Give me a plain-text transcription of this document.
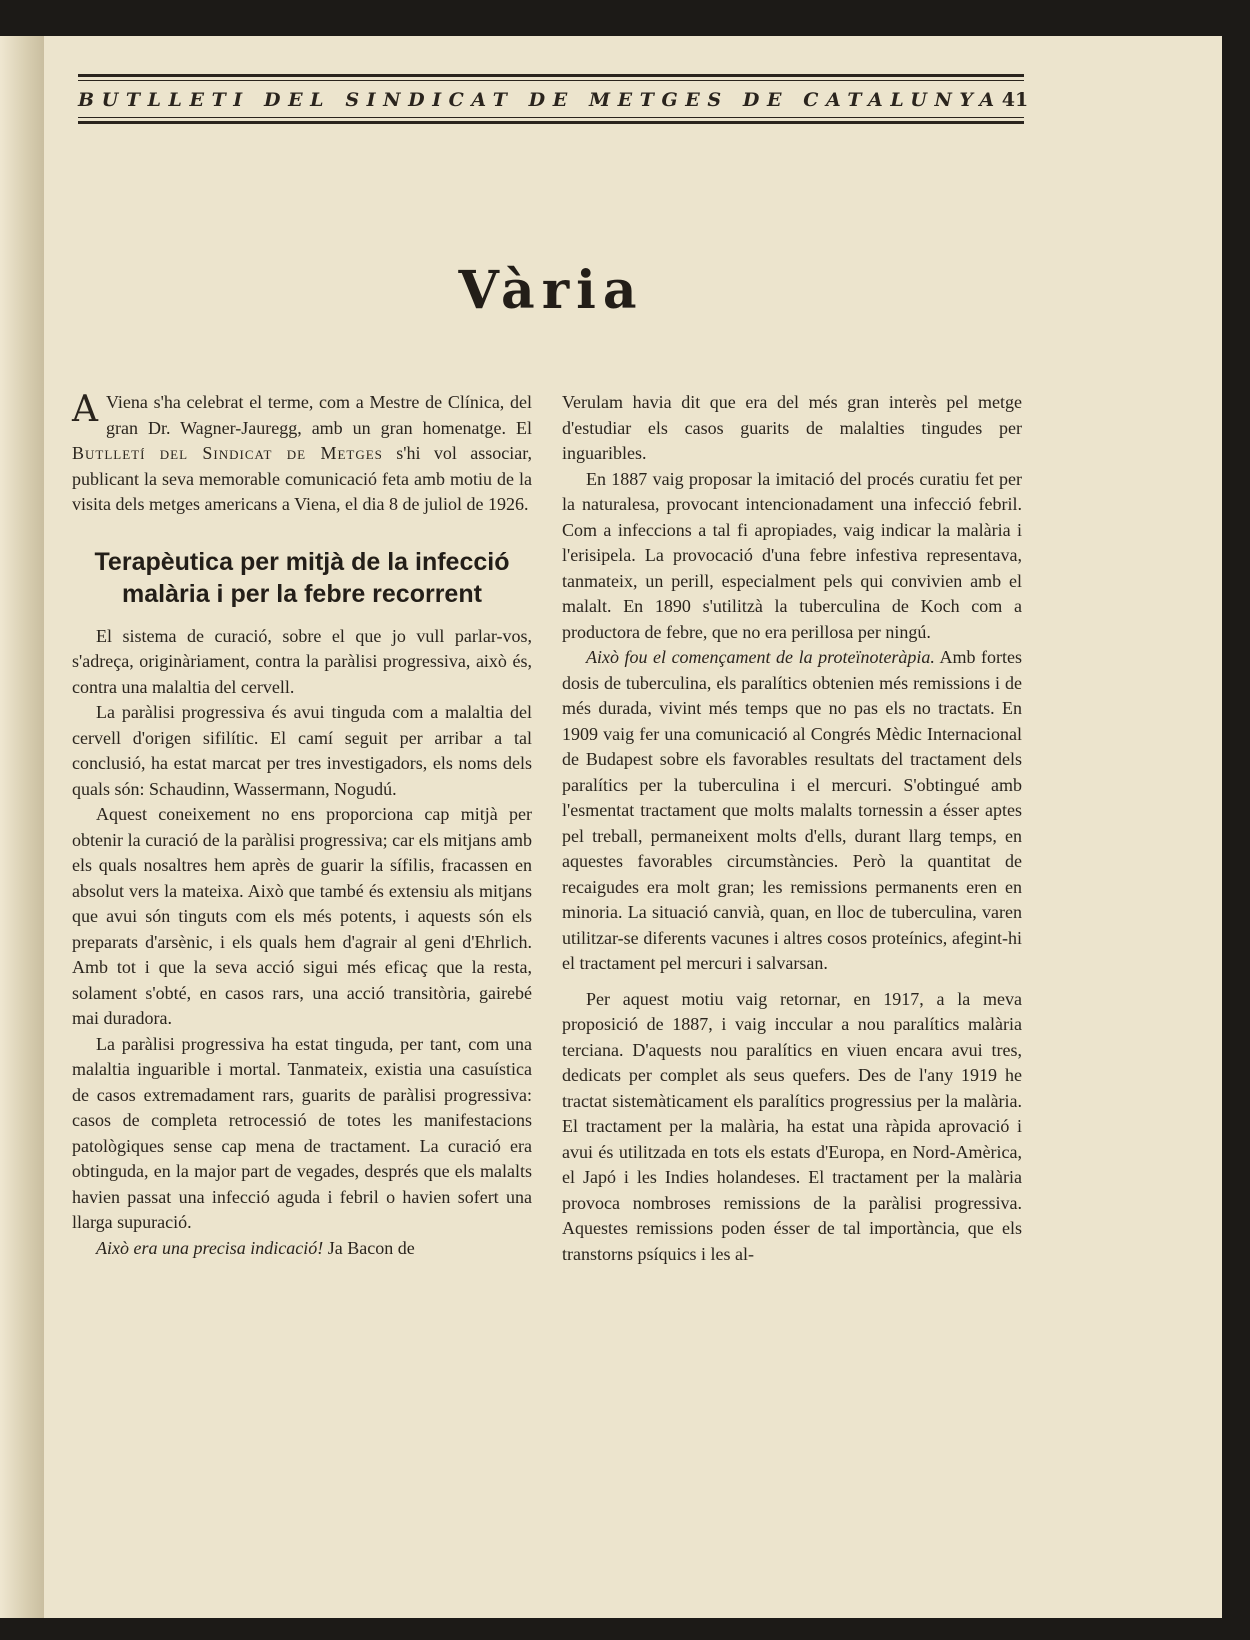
BUTLLETI DEL SINDICAT DE METGES DE CATALUNYA 41
Vària

A Viena s'ha celebrat el terme, com a Mestre de Clínica, del gran Dr. Wagner-Jauregg, amb un gran homenatge. El Butlletí del Sindicat de Metges s'hi vol associar, publicant la seva memorable comunicació feta amb motiu de la visita dels metges americans a Viena, el dia 8 de juliol de 1926.

Terapèutica per mitjà de la infecció malària i per la febre recorrent

El sistema de curació, sobre el que jo vull parlar-vos, s'adreça, originàriament, contra la paràlisi progressiva, això és, contra una malaltia del cervell.

La paràlisi progressiva és avui tinguda com a malaltia del cervell d'origen sifilític. El camí seguit per arribar a tal conclusió, ha estat marcat per tres investigadors, els noms dels quals són: Schaudinn, Wassermann, Nogudú.

Aquest coneixement no ens proporciona cap mitjà per obtenir la curació de la paràlisi progressiva; car els mitjans amb els quals nosaltres hem après de guarir la sífilis, fracassen en absolut vers la mateixa. Això que també és extensiu als mitjans que avui són tinguts com els més potents, i aquests són els preparats d'arsènic, i els quals hem d'agrair al geni d'Ehrlich. Amb tot i que la seva acció sigui més eficaç que la resta, solament s'obté, en casos rars, una acció transitòria, gairebé mai duradora.

La paràlisi progressiva ha estat tinguda, per tant, com una malaltia inguarible i mortal. Tanmateix, existia una casuística de casos extremadament rars, guarits de paràlisi progressiva: casos de completa retrocessió de totes les manifestacions patològiques sense cap mena de tractament. La curació era obtinguda, en la major part de vegades, després que els malalts havien passat una infecció aguda i febril o havien sofert una llarga supuració.

Això era una precisa indicació! Ja Bacon de

Verulam havia dit que era del més gran interès pel metge d'estudiar els casos guarits de malalties tingudes per inguaribles.

En 1887 vaig proposar la imitació del procés curatiu fet per la naturalesa, provocant intencionadament una infecció febril. Com a infeccions a tal fi apropiades, vaig indicar la malària i l'erisipela. La provocació d'una febre infestiva representava, tanmateix, un perill, especialment pels qui convivien amb el malalt. En 1890 s'utilitzà la tuberculina de Koch com a productora de febre, que no era perillosa per ningú.

Això fou el començament de la proteïnoteràpia. Amb fortes dosis de tuberculina, els paralítics obtenien més remissions i de més durada, vivint més temps que no pas els no tractats. En 1909 vaig fer una comunicació al Congrés Mèdic Internacional de Budapest sobre els favorables resultats del tractament dels paralítics per la tuberculina i el mercuri. S'obtingué amb l'esmentat tractament que molts malalts tornessin a ésser aptes pel treball, permaneixent molts d'ells, durant llarg temps, en aquestes favorables circumstàncies. Però la quantitat de recaigudes era molt gran; les remissions permanents eren en minoria. La situació canvià, quan, en lloc de tuberculina, varen utilitzar-se diferents vacunes i altres cosos proteínics, afegint-hi el tractament pel mercuri i salvarsan.

Per aquest motiu vaig retornar, en 1917, a la meva proposició de 1887, i vaig inccular a nou paralítics malària terciana. D'aquests nou paralítics en viuen encara avui tres, dedicats per complet als seus quefers. Des de l'any 1919 he tractat sistemàticament els paralítics progressius per la malària. El tractament per la malària, ha estat una ràpida aprovació i avui és utilitzada en tots els estats d'Europa, en Nord-Amèrica, el Japó i les Indies holandeses. El tractament per la malària provoca nombroses remissions de la paràlisi progressiva. Aquestes remissions poden ésser de tal importància, que els transtorns psíquics i les al-
